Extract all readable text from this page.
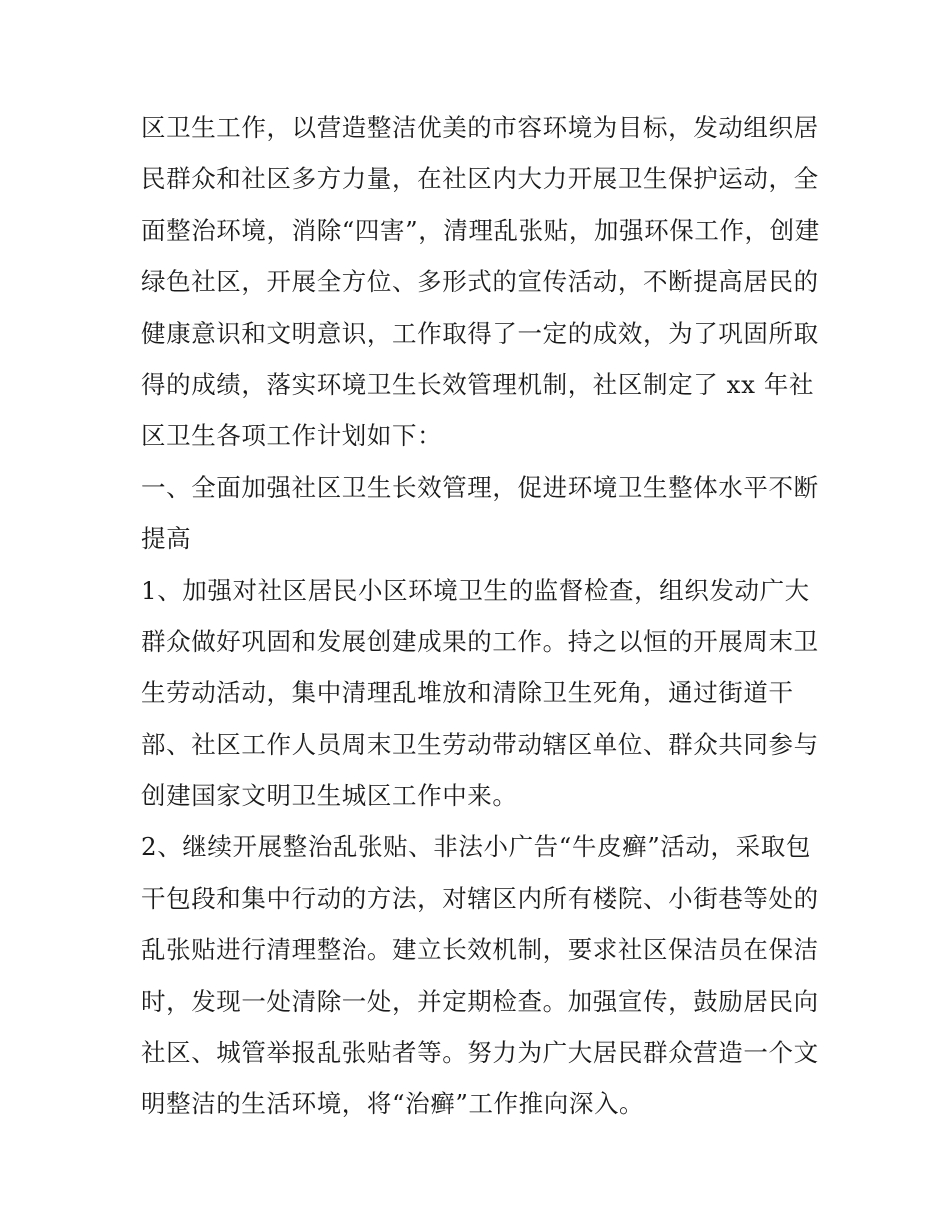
区卫生工作，以营造整洁优美的市容环境为目标，发动组织居
民群众和社区多方力量，在社区内大力开展卫生保护运动，全
面整治环境，消除“四害”，清理乱张贴，加强环保工作，创建
绿色社区，开展全方位、多形式的宣传活动，不断提高居民的
健康意识和文明意识，工作取得了一定的成效，为了巩固所取
得的成绩，落实环境卫生长效管理机制，社区制定了 xx 年社
区卫生各项工作计划如下：
一、全面加强社区卫生长效管理，促进环境卫生整体水平不断
提高
1、加强对社区居民小区环境卫生的监督检查，组织发动广大
群众做好巩固和发展创建成果的工作。持之以恒的开展周末卫
生劳动活动，集中清理乱堆放和清除卫生死角，通过街道干
部、社区工作人员周末卫生劳动带动辖区单位、群众共同参与
创建国家文明卫生城区工作中来。
2、继续开展整治乱张贴、非法小广告“牛皮癣”活动，采取包
干包段和集中行动的方法，对辖区内所有楼院、小街巷等处的
乱张贴进行清理整治。建立长效机制，要求社区保洁员在保洁
时，发现一处清除一处，并定期检查。加强宣传，鼓励居民向
社区、城管举报乱张贴者等。努力为广大居民群众营造一个文
明整洁的生活环境，将“治癣”工作推向深入。
